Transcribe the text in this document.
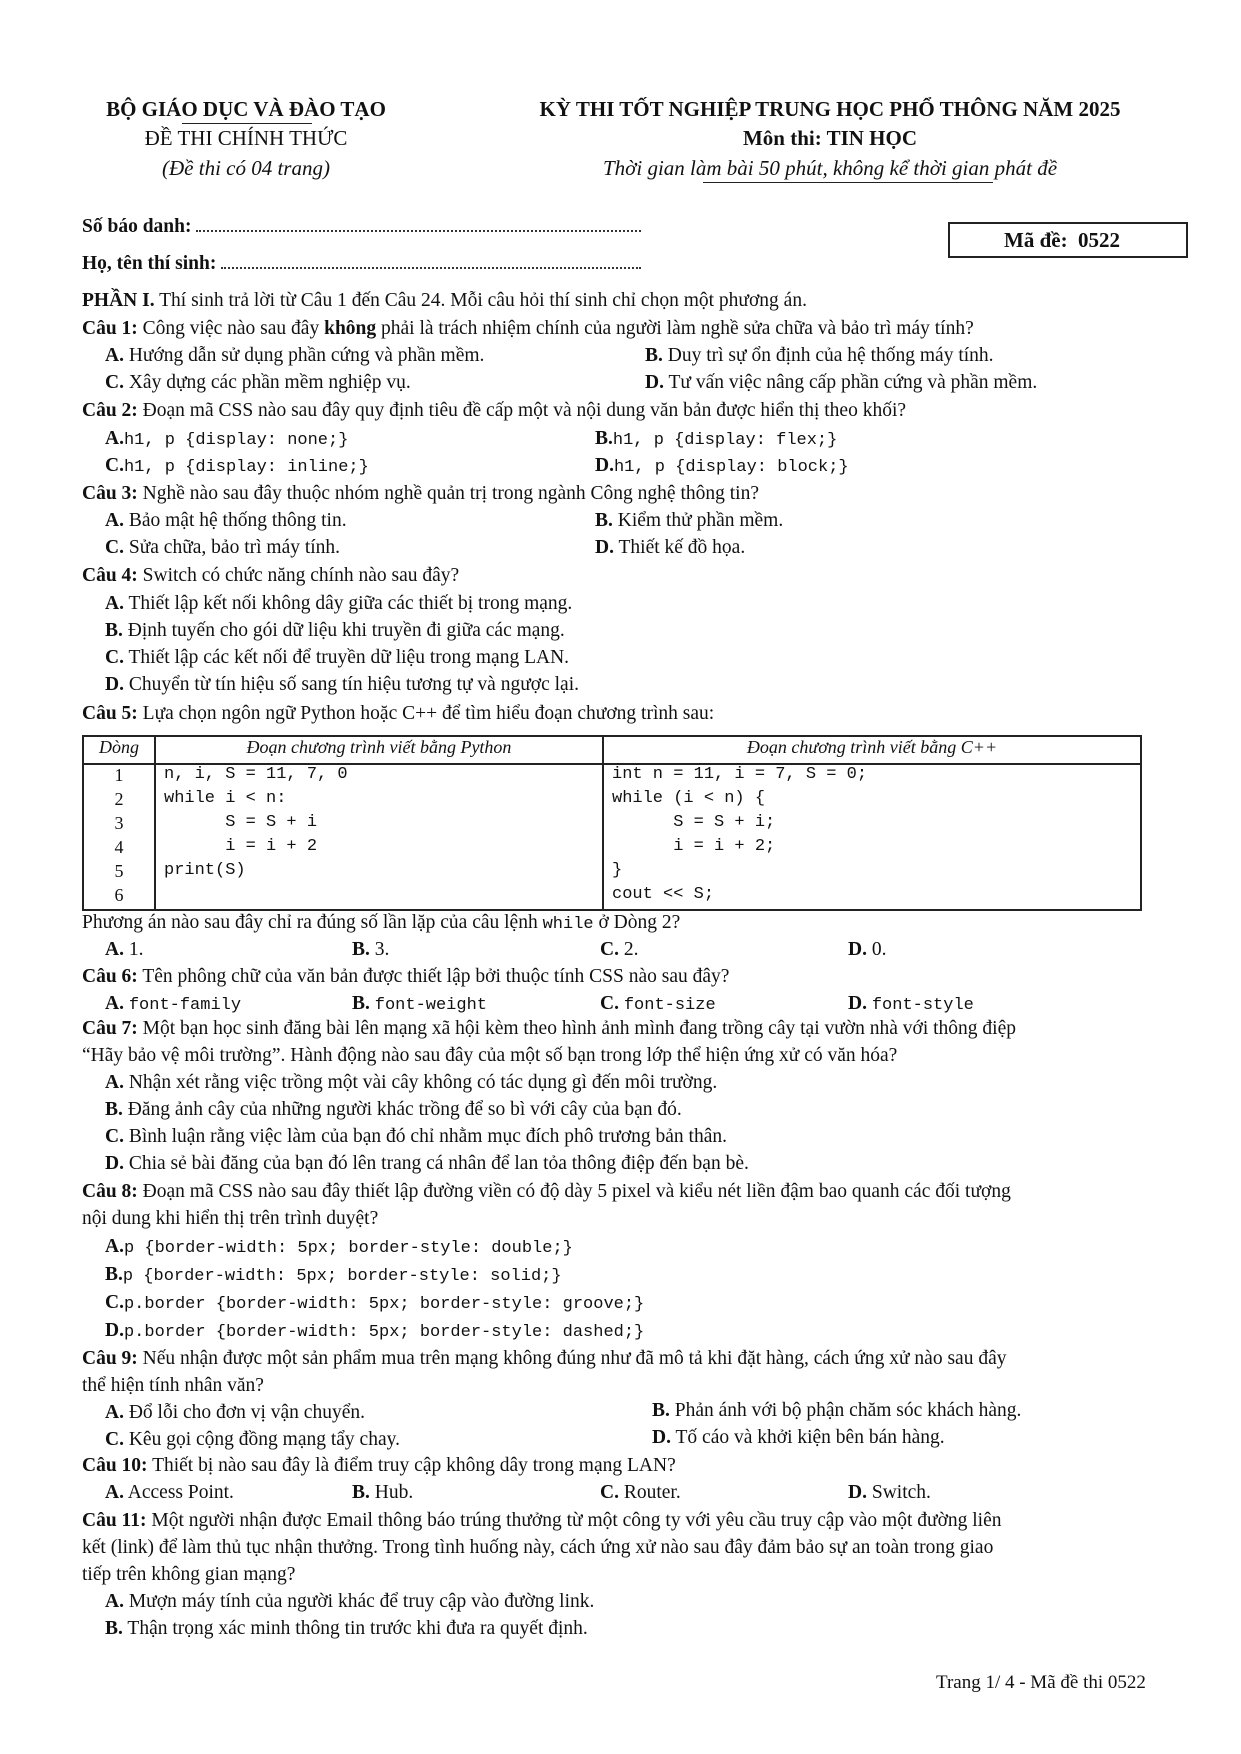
BỘ GIÁO DỤC VÀ ĐÀO TẠO
ĐỀ THI CHÍNH THỨC
(Đề thi có 04 trang)
KỲ THI TỐT NGHIỆP TRUNG HỌC PHỔ THÔNG NĂM 2025
Môn thi: TIN HỌC
Thời gian làm bài 50 phút, không kể thời gian phát đề
Số báo danh:
Họ, tên thí sinh:
Mã đề: 0522
PHẦN I. Thí sinh trả lời từ Câu 1 đến Câu 24. Mỗi câu hỏi thí sinh chỉ chọn một phương án.
Câu 1: Công việc nào sau đây không phải là trách nhiệm chính của người làm nghề sửa chữa và bảo trì máy tính?
A. Hướng dẫn sử dụng phần cứng và phần mềm.	B. Duy trì sự ổn định của hệ thống máy tính.
C. Xây dựng các phần mềm nghiệp vụ.	D. Tư vấn việc nâng cấp phần cứng và phần mềm.
Câu 2: Đoạn mã CSS nào sau đây quy định tiêu đề cấp một và nội dung văn bản được hiển thị theo khối?
A.h1, p {display: none;}	B.h1, p {display: flex;}
C.h1, p {display: inline;}	D.h1, p {display: block;}
Câu 3: Nghề nào sau đây thuộc nhóm nghề quản trị trong ngành Công nghệ thông tin?
A. Bảo mật hệ thống thông tin.	B. Kiểm thử phần mềm.
C. Sửa chữa, bảo trì máy tính.	D. Thiết kế đồ họa.
Câu 4: Switch có chức năng chính nào sau đây?
A. Thiết lập kết nối không dây giữa các thiết bị trong mạng.
B. Định tuyến cho gói dữ liệu khi truyền đi giữa các mạng.
C. Thiết lập các kết nối để truyền dữ liệu trong mạng LAN.
D. Chuyển từ tín hiệu số sang tín hiệu tương tự và ngược lại.
Câu 5: Lựa chọn ngôn ngữ Python hoặc C++ để tìm hiểu đoạn chương trình sau:
Dòng	Đoạn chương trình viết bằng Python	Đoạn chương trình viết bằng C++
1	n, i, S = 11, 7, 0	int n = 11, i = 7, S = 0;
2	while i < n:	while (i < n) {
3	S = S + i	S = S + i;
4	i = i + 2	i = i + 2;
5	print(S)	}
6		cout << S;
Phương án nào sau đây chỉ ra đúng số lần lặp của câu lệnh while ở Dòng 2?
A. 1.	B. 3.	C. 2.	D. 0.
Câu 6: Tên phông chữ của văn bản được thiết lập bởi thuộc tính CSS nào sau đây?
A. font-family	B. font-weight	C. font-size	D. font-style
Câu 7: Một bạn học sinh đăng bài lên mạng xã hội kèm theo hình ảnh mình đang trồng cây tại vườn nhà với thông điệp
“Hãy bảo vệ môi trường”. Hành động nào sau đây của một số bạn trong lớp thể hiện ứng xử có văn hóa?
A. Nhận xét rằng việc trồng một vài cây không có tác dụng gì đến môi trường.
B. Đăng ảnh cây của những người khác trồng để so bì với cây của bạn đó.
C. Bình luận rằng việc làm của bạn đó chỉ nhằm mục đích phô trương bản thân.
D. Chia sẻ bài đăng của bạn đó lên trang cá nhân để lan tỏa thông điệp đến bạn bè.
Câu 8: Đoạn mã CSS nào sau đây thiết lập đường viền có độ dày 5 pixel và kiểu nét liền đậm bao quanh các đối tượng
nội dung khi hiển thị trên trình duyệt?
A.p {border-width: 5px; border-style: double;}
B.p {border-width: 5px; border-style: solid;}
C.p.border {border-width: 5px; border-style: groove;}
D.p.border {border-width: 5px; border-style: dashed;}
Câu 9: Nếu nhận được một sản phẩm mua trên mạng không đúng như đã mô tả khi đặt hàng, cách ứng xử nào sau đây
thể hiện tính nhân văn?
A. Đổ lỗi cho đơn vị vận chuyển.	B. Phản ánh với bộ phận chăm sóc khách hàng.
C. Kêu gọi cộng đồng mạng tẩy chay.	D. Tố cáo và khởi kiện bên bán hàng.
Câu 10: Thiết bị nào sau đây là điểm truy cập không dây trong mạng LAN?
A. Access Point.	B. Hub.	C. Router.	D. Switch.
Câu 11: Một người nhận được Email thông báo trúng thưởng từ một công ty với yêu cầu truy cập vào một đường liên
kết (link) để làm thủ tục nhận thưởng. Trong tình huống này, cách ứng xử nào sau đây đảm bảo sự an toàn trong giao
tiếp trên không gian mạng?
A. Mượn máy tính của người khác để truy cập vào đường link.
B. Thận trọng xác minh thông tin trước khi đưa ra quyết định.
Trang 1/ 4 - Mã đề thi 0522
